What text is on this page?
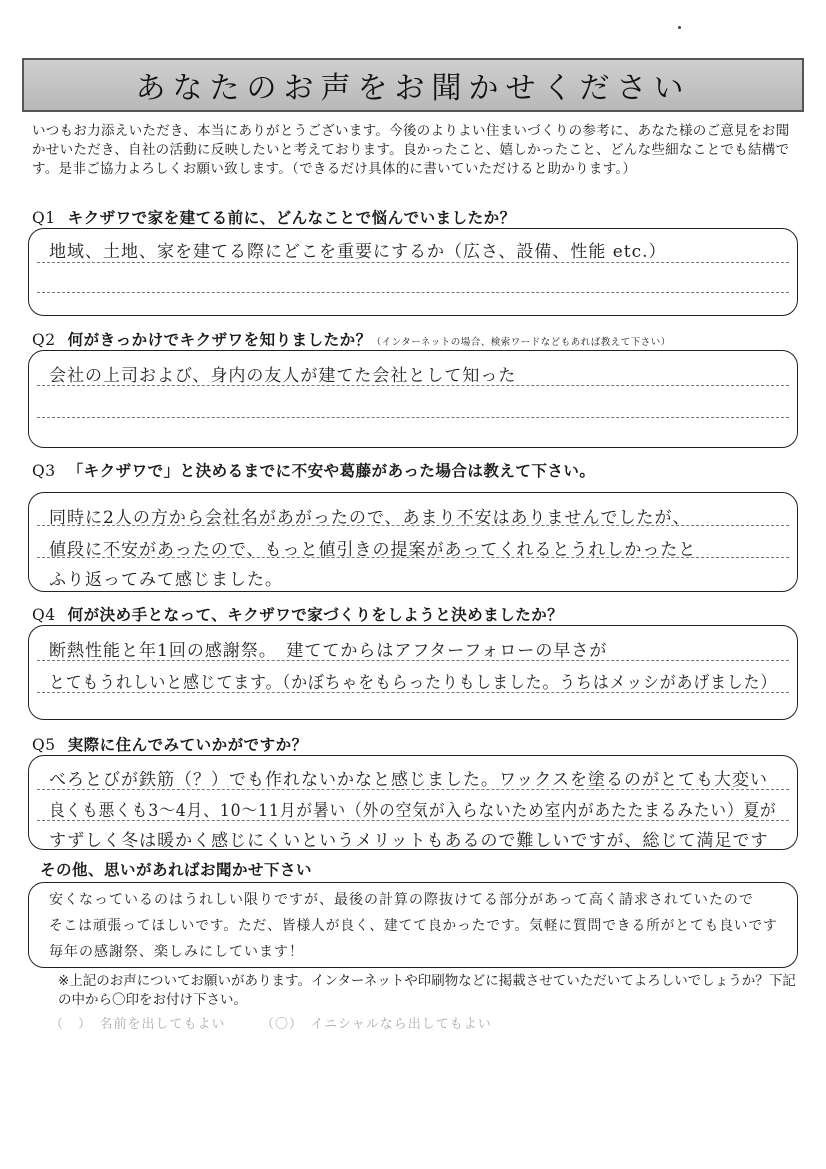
あなたのお声をお聞かせください
いつもお力添えいただき、本当にありがとうございます。今後のよりよい住まいづくりの参考に、あなた様のご意見をお聞かせいただき、自社の活動に反映したいと考えております。良かったこと、嬉しかったこと、どんな些細なことでも結構です。是非ご協力よろしくお願い致します。（できるだけ具体的に書いていただけると助かります。）
Q1 キクザワで家を建てる前に、どんなことで悩んでいましたか？
地域、土地、家を建てる際にどこを重要にするか（広さ、設備、性能 etc.）
Q2 何がきっかけでキクザワを知りましたか？（インターネットの場合、検索ワードなどもあれば教えて下さい）
会社の上司および、身内の友人が建てた会社として知った
Q3 「キクザワで」と決めるまでに不安や葛藤があった場合は教えて下さい。
同時に2人の方から会社名があがったので、あまり不安はありませんでしたが、
値段に不安があったので、もっと値引きの提案があってくれるとうれしかったと
ふり返ってみて感じました。
Q4 何が決め手となって、キクザワで家づくりをしようと決めましたか？
断熱性能と年1回の感謝祭。　建ててからはアフターフォローの早さが
とてもうれしいと感じてます。（かぼちゃをもらったりもしました。うちはメッシがあげました）
Q5 実際に住んでみていかがですか？
べろとびが鉄筋（？）でも作れないかなと感じました。ワックスを塗るのがとても大変い
良くも悪くも3〜4月、10〜11月が暑い（外の空気が入らないため室内があたたまるみたい）夏が
すずしく冬は暖かく感じにくいというメリットもあるので難しいですが、総じて満足です
その他、思いがあればお聞かせ下さい
安くなっているのはうれしい限りですが、最後の計算の際抜けてる部分があって高く請求されていたので
そこは頑張ってほしいです。ただ、皆様人が良く、建てて良かったです。気軽に質問できる所がとても良いです
毎年の感謝祭、楽しみにしています！
※上記のお声についてお願いがあります。インターネットや印刷物などに掲載させていただいてよろしいでしょうか？下記の中から〇印をお付け下さい。
（　）　名前を出してもよい　　　（〇）　イニシャルなら出してもよい
